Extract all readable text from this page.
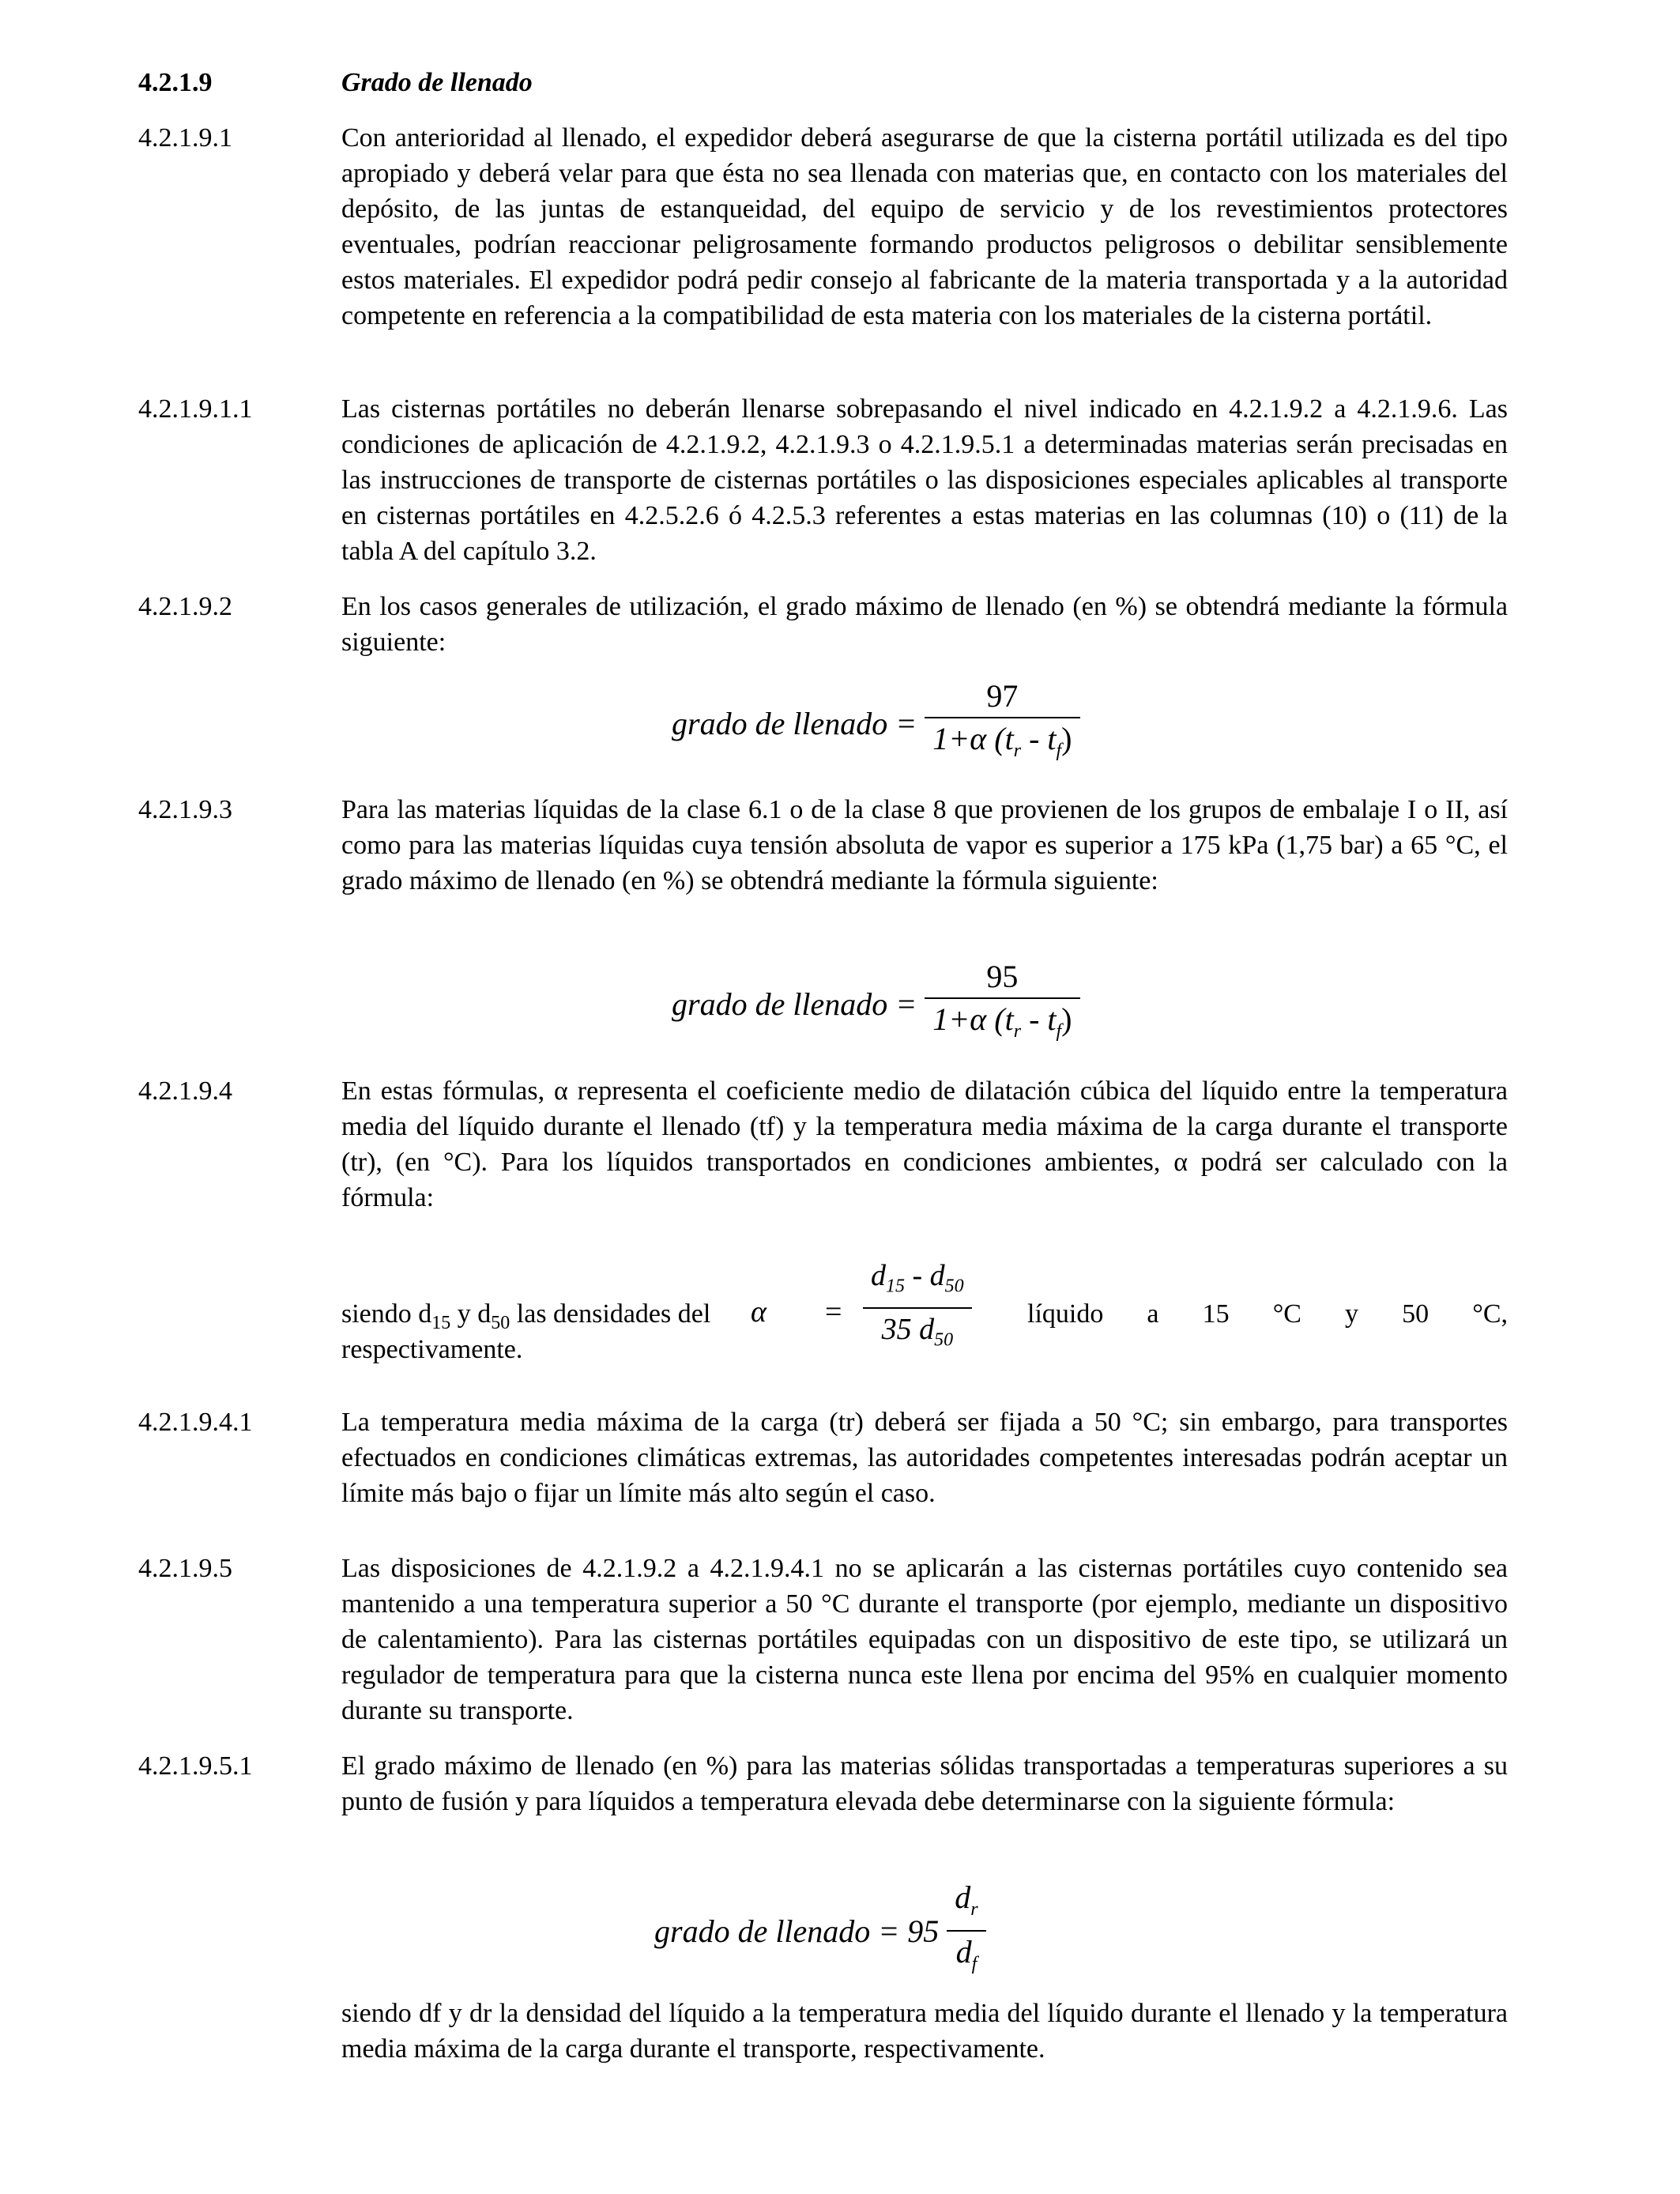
4.2.1.9	Grado de llenado
4.2.1.9.1	Con anterioridad al llenado, el expedidor deberá asegurarse de que la cisterna portátil utilizada es del tipo apropiado y deberá velar para que ésta no sea llenada con materias que, en contacto con los materiales del depósito, de las juntas de estanqueidad, del equipo de servicio y de los revestimientos protectores eventuales, podrían reaccionar peligrosamente formando productos peligrosos o debilitar sensiblemente estos materiales. El expedidor podrá pedir consejo al fabricante de la materia transportada y a la autoridad competente en referencia a la compatibilidad de esta materia con los materiales de la cisterna portátil.

4.2.1.9.1.1	Las cisternas portátiles no deberán llenarse sobrepasando el nivel indicado en 4.2.1.9.2 a 4.2.1.9.6. Las condiciones de aplicación de 4.2.1.9.2, 4.2.1.9.3 o 4.2.1.9.5.1 a determinadas materias serán precisadas en las instrucciones de transporte de cisternas portátiles o las disposiciones especiales aplicables al transporte en cisternas portátiles en 4.2.5.2.6 ó 4.2.5.3 referentes a estas materias en las columnas (10) o (11) de la tabla A del capítulo 3.2.

4.2.1.9.2	En los casos generales de utilización, el grado máximo de llenado (en %) se obtendrá mediante la fórmula siguiente:

grado de llenado = $\frac{97}{1+\alpha (t_r - t_f)}$
4.2.1.9.3	Para las materias líquidas de la clase 6.1 o de la clase 8 que provienen de los grupos de embalaje I o II, así como para las materias líquidas cuya tensión absoluta de vapor es superior a 175 kPa (1,75 bar) a 65 °C, el grado máximo de llenado (en %) se obtendrá mediante la fórmula siguiente:

grado de llenado = $\frac{95}{1+\alpha (t_r - t_f)}$
4.2.1.9.4	En estas fórmulas, α representa el coeficiente medio de dilatación cúbica del líquido entre la temperatura media del líquido durante el llenado (tf) y la temperatura media máxima de la carga durante el transporte (tr), (en °C). Para los líquidos transportados en condiciones ambientes, α podrá ser calculado con la fórmula:

siendo $d_{15}$ y $d_{50}$ las densidades del α =
$d_{15} - d_{50}$
35 $d_{50}$
líquido a 15 °C y 50 °C,
respectivamente.
4.2.1.9.4.1	La temperatura media máxima de la carga (tr) deberá ser fijada a 50 °C; sin embargo, para transportes efectuados en condiciones climáticas extremas, las autoridades competentes interesadas podrán aceptar un límite más bajo o fijar un límite más alto según el caso.

4.2.1.9.5	Las disposiciones de 4.2.1.9.2 a 4.2.1.9.4.1 no se aplicarán a las cisternas portátiles cuyo contenido sea mantenido a una temperatura superior a 50 °C durante el transporte (por ejemplo, mediante un dispositivo de calentamiento). Para las cisternas portátiles equipadas con un dispositivo de este tipo, se utilizará un regulador de temperatura para que la cisterna nunca este llena por encima del 95% en cualquier momento durante su transporte.

4.2.1.9.5.1	El grado máximo de llenado (en %) para las materias sólidas transportadas a temperaturas superiores a su punto de fusión y para líquidos a temperatura elevada debe determinarse con la siguiente fórmula:

grado de llenado = $95 \frac{d_r}{d_f}$

siendo df y dr la densidad del líquido a la temperatura media del líquido durante el llenado y la temperatura media máxima de la carga durante el transporte, respectivamente.
